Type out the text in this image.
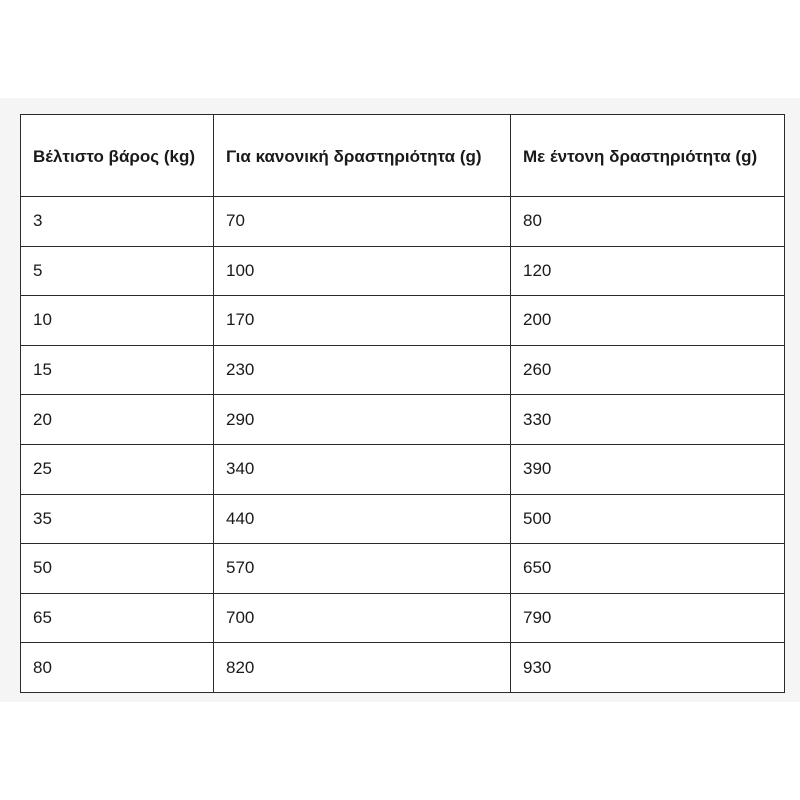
Βέλτιστο βάρος (kg)	Για κανονική δραστηριότητα (g)	Με έντονη δραστηριότητα (g)
3	70	80
5	100	120
10	170	200
15	230	260
20	290	330
25	340	390
35	440	500
50	570	650
65	700	790
80	820	930
